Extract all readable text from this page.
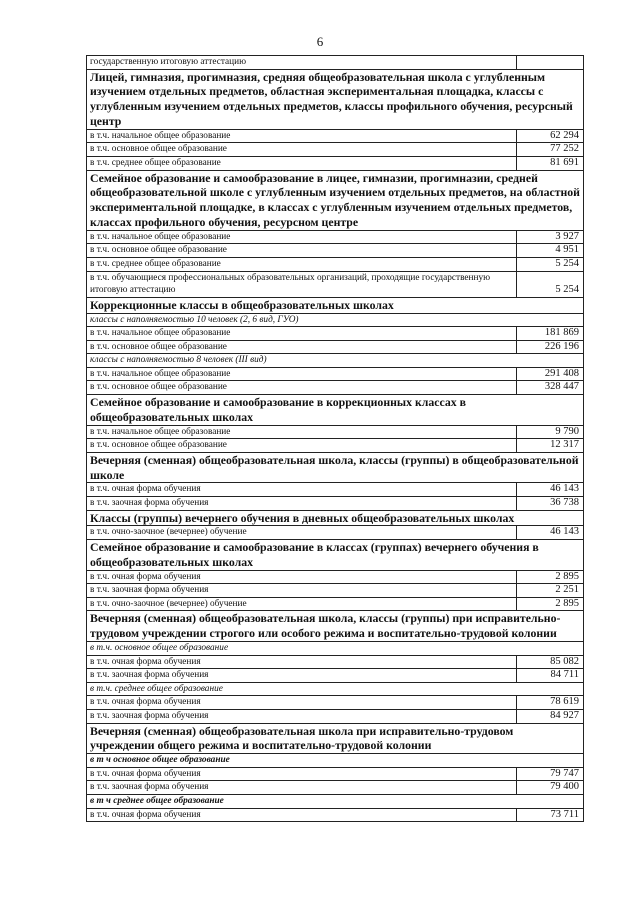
6
государственную итоговую аттестацию	
Лицей, гимназия, прогимназия, средняя общеобразовательная школа с углубленным изучением отдельных предметов, областная экспериментальная площадка, классы с углубленным изучением отдельных предметов, классы профильного обучения, ресурсный центр	
в т.ч. начальное общее образование	62 294
в т.ч. основное общее образование	77 252
в т.ч. среднее общее образование	81 691
Семейное образование и самообразование в лицее, гимназии, прогимназии, средней общеобразовательной школе с углубленным изучением отдельных предметов, на областной экспериментальной площадке, в классах с углубленным изучением отдельных предметов, классах профильного обучения, ресурсном центре	
в т.ч. начальное общее образование	3 927
в т.ч. основное общее образование	4 951
в т.ч. среднее общее образование	5 254
в т.ч. обучающиеся профессиональных образовательных организаций, проходящие государственную итоговую аттестацию	5 254
Коррекционные классы в общеобразовательных школах	
классы с наполняемостью 10 человек (2, 6 вид, ГУО)	
в т.ч. начальное общее образование	181 869
в т.ч. основное общее образование	226 196
классы с наполняемостью 8 человек (III вид)	
в т.ч. начальное общее образование	291 408
в т.ч. основное общее образование	328 447
Семейное образование и самообразование в коррекционных классах в общеобразовательных школах	
в т.ч. начальное общее образование	9 790
в т.ч. основное общее образование	12 317
Вечерняя (сменная) общеобразовательная школа, классы (группы) в общеобразовательной школе	
в т.ч. очная форма обучения	46 143
в т.ч. заочная форма обучения	36 738
Классы (группы) вечернего обучения в дневных общеобразовательных школах	
в т.ч. очно-заочное (вечернее) обучение	46 143
Семейное образование и самообразование в классах (группах) вечернего обучения в общеобразовательных школах	
в т.ч. очная форма обучения	2 895
в т.ч. заочная форма обучения	2 251
в т.ч. очно-заочное (вечернее) обучение	2 895
Вечерняя (сменная) общеобразовательная школа, классы (группы) при исправительно-трудовом учреждении строгого или особого режима и воспитательно-трудовой колонии	
в т.ч. основное общее образование	
в т.ч. очная форма обучения	85 082
в т.ч. заочная форма обучения	84 711
в т.ч. среднее общее образование	
в т.ч. очная форма обучения	78 619
в т.ч. заочная форма обучения	84 927
Вечерняя (сменная) общеобразовательная школа при исправительно-трудовом учреждении общего режима и воспитательно-трудовой колонии	
в т ч основное общее образование	
в т.ч. очная форма обучения	79 747
в т.ч. заочная форма обучения	79 400
в т ч среднее общее образование	
в т.ч. очная форма обучения	73 711
